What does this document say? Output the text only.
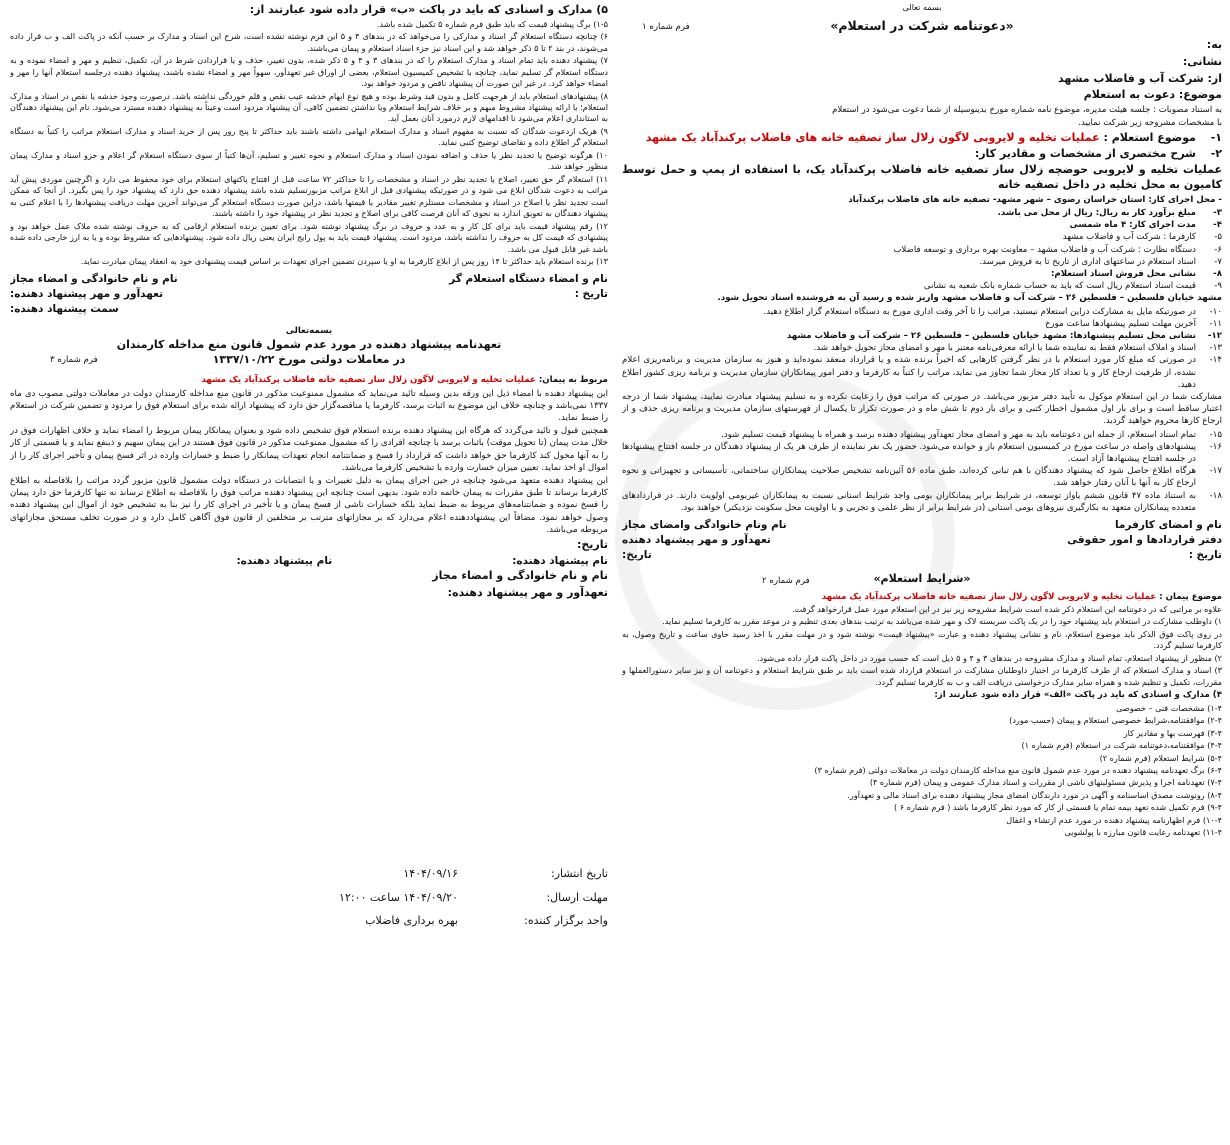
بسمه تعالی
«دعوتنامه شرکت در استعلام»
فرم شماره ۱

به:

نشانی:

از: شرکت آب و فاضلاب مشهد

موضوع: دعوت به استعلام

به استناد مصوبات : جلسه هیئت مدیره، موضوع نامه شماره مورخ بدینوسیله از شما دعوت می‌شود در استعلام

با مشخصات مشروحه زیر شرکت نمایید.

۱-
موضوع استعلام : عملیات تخلیه و لایروبی لاگون زلال ساز تصفیه خانه های فاضلاب پرکندآباد یک مشهد
۲-
شرح مختصری از مشخصات و مقادیر کار:

عملیات تخلیه و لایروبی حوضچه زلال ساز تصفیه خانه فاضلاب پرکندآباد یک، با استفاده از پمپ و حمل توسط کامیون به محل تخلیه در داخل تصفیه خانه

- محل اجرای کار: استان خراسان رضوی – شهر مشهد- تصفیه خانه های فاضلاب پرکندآباد

۳-
مبلغ برآورد کار به ریال: ریال از محل می باشد.
۴-
مدت اجرای کار: ۴ ماه شمسی
۵-
کارفرما : شرکت آب و فاضلاب مشهد
۶-
دستگاه نظارت : شرکت آب و فاضلاب مشهد – معاونت بهره برداری و توسعه فاضلاب
۷-
اسناد استعلام در ساعتهای اداری از تاریخ تا به فروش میرسد.
۸-
نشانی محل فروش اسناد استعلام:
۹-
قیمت اسناد استعلام ریال است که باید به حساب شماره بانک شعبه به نشانی

مشهد خیابان فلسطین – فلسطین ۲۶ – شرکت آب و فاضلاب مشهد واریز شده و رسید آن به فروشنده اسناد تحویل شود.

۱۰-
در صورتیکه مایل به مشارکت دراین استعلام نیستید، مراتب را تا آخر وقت اداری مورخ به دستگاه استعلام گزار اطلاع دهید.
۱۱-
آخرین مهلت تسلیم پیشنهادها ساعت مورخ
۱۲-
نشانی محل تسلیم پیشنهادها: مشهد خیابان فلسطین – فلسطین ۲۶ – شرکت آب و فاضلاب مشهد
۱۳-
اسناد و املاک استعلام فقط به نماینده شما با ارائه معرفی‌نامه معتبر با مهر و امضای مجاز تحویل خواهد شد.
۱۴-
در صورتی که مبلغ کار مورد استعلام با در نظر گرفتن کارهایی که اخیراً برنده شده و یا قرارداد منعقد نموده‌اید و هنوز به سازمان مدیریت و برنامه‌ریزی اعلام نشده، از ظرفیت ارجاع کار و یا تعداد کار مجاز شما تجاوز می نماید، مراتب را کتباً به کارفرما و دفتر امور پیمانکاران سازمان مدیریت و برنامه ریزی کشور اطلاع دهید.

مشارکت شما در این استعلام موکول به تأیید دفتر مزبور می‌باشد. در صورتی که مراتب فوق را رعایت نکرده و به تسلیم پیشنهاد مبادرت نمایید، پیشنهاد شما از درجه اعتبار ساقط است و برای بار اول مشمول اخطار کتبی و برای بار دوم تا شش ماه و در صورت تکرار تا یکسال از فهرستهای سازمان مدیریت و برنامه ریزی حذف و از ارجاع کارها محروم خواهید گردید.

۱۵-
تمام اسناد استعلام، از جمله این دعوتنامه باید به مهر و امضای مجاز تعهدآور پیشنهاد دهنده برسد و همراه با پیشنهاد قیمت تسلیم شود.
۱۶-
پیشنهادهای واصله در ساعت مورخ در کمیسیون استعلام باز و خوانده می‌شود. حضور یک نفر نماینده از طرف هر یک از پیشنهاد دهندگان در جلسه افتتاح پیشنهادها در جلسه افتتاح پیشنهادها آزاد است.
۱۷-
هرگاه اطلاع حاصل شود که پیشنهاد دهندگان با هم تبانی کرده‌اند، طبق ماده ۵۶ آئین‌نامه تشخیص صلاحیت پیمانکاران ساختمانی، تأسیساتی و تجهیزاتی و نحوه ارجاع کار به آنها با آنان رفتار خواهد شد.
۱۸-
به استناد ماده ۴۷ قانون ششم یاواز توسعه، در شرایط برابر پیمانکاران بومی واجد شرایط استانی نسبت به پیمانکاران غیربومی اولویت دارند. در قراردادهای متعدده پیمانکاران متعهد به بکارگیری نیروهای بومی استانی (در شرایط برابر از نظر علمی و تجربی و با اولویت محل سکونت نزدیکتر) خواهند بود.
نام و امضای کارفرما
نام ونام خانوادگی وامضای مجاز
دفتر قراردادها و امور حقوقی
تعهدآور و مهر پیشنهاد دهنده
تاریخ :
تاریخ:
«شرایط استعلام»
فرم شماره ۲

موضوع پیمان : عملیات تخلیه و لایروبی لاگون زلال ساز تصفیه خانه فاضلاب پرکندآباد یک مشهد

علاوه بر مراتبی که در دعوتنامه این استعلام ذکر شده است شرایط مشروحه زیر نیز در این استعلام مورد عمل قرارخواهد گرفت.

۱) داوطلب مشارکت در استعلام باید پیشنهاد خود را در یک پاکت سربسته لاک و مهر شده می‌باشد به ترتیب بندهای بعدی تنظیم و در موعد مقرر به کارفرما تسلیم نماید.

در روی پاکت فوق الذکر باید موضوع استعلام، نام و نشانی پیشنهاد دهنده و عبارت «پیشنهاد قیمت» نوشته شود و در مهلت مقرر با اخذ رسید حاوی ساعت و تاریخ وصول، به کارفرما تسلیم گردد.

۲) منظور از پیشنهاد استعلام، تمام اسناد و مدارک مشروحه در بندهای ۳ و ۴ و ۵ ذیل است که حسب مورد در داخل پاکت قرار داده می‌شود.

۳) اسناد و مدارک استعلام که از طرف کارفرما در اختیار داوطلبان مشارکت در استعلام قرارداد شده است باید بر طبق شرایط استعلام و دعوتنامه آن و نیز سایر دستورالعملها و مقررات، تکمیل و تنظیم شده و همراه سایر مدارک درخواستی دریافت الف و ب به کارفرما تسلیم گردد.

۴) مدارک و اسنادی که باید در پاکت «الف» قرار داده شود عبارتند از:

۱-۴) مشخصات فنی – خصوصی

۲-۴) موافقتنامه،شرایط خصوصی استعلام و پیمان (حسب مورد)

۳-۴) فهرست بها و مقادیر کار

۴-۴) موافقتنامه،دعوتنامه شرکت در استعلام (فرم شماره ۱)

۵-۴) شرایط استعلام (فرم شماره ۲)

۶-۴) برگ تعهدنامه پیشنهاد دهنده در مورد عدم شمول قانون منع مداخله کارمندان دولت در معاملات دولتی (فرم شماره ۳)

۷-۴) تعهدنامه اجرا و پذیرش مسئولیتهای ناشی از مقررات و اسناد مدارک عمومی و پیمان (فرم شماره ۴)

۸-۴) رونوشت مصدق اساسنامه و آگهی در مورد دارندگان امضای مجاز پیشنهاد دهنده برای اسناد مالی و تعهدآور.

۹-۴) فرم تکمیل شده تعهد بیمه تمام یا قسمتی از کار که مورد نظر کارفرما باشد ( فرم شماره ۶ )

۱۰-۴) فرم اظهارنامه پیشنهاد دهنده در مورد عدم ارتشاء و اغفال

۱۱-۴) تعهدنامه رعایت قانون مبارزه با پولشویی

۵) مدارک و اسنادی که باید در پاکت «ب» قرار داده شود عبارتند از:

۱-۵) برگ پیشنهاد قیمت که باید طبق فرم شماره ۵ تکمیل شده باشد.

۶) چنانچه دستگاه استعلام گر اسناد و مدارکی را می‌خواهد که در بندهای ۴ و ۵ این فرم نوشته نشده است، شرح این اسناد و مدارک بر حسب آنکه در پاکت الف و ب قرار داده می‌شوند، در بند ۲ تا ۵ ذکر خواهد شد و این اسناد نیز جزء اسناد استعلام و پیمان می‌باشند.

۷) پیشنهاد دهنده باید تمام اسناد و مدارک استعلام را که در بندهای ۳ و ۴ و ۵ ذکر شده، بدون تغییر، حذف و یا قراردادن شرط در آن، تکمیل، تنظیم و مهر و امضاء نموده و به دستگاه استعلام گر تسلیم نماید، چنانچه با تشخیص کمیسیون استعلام، بعضی از اوراق غیر تعهدآور، سهواً مهر و امضاء نشده باشند، پیشنهاد دهنده درجلسه استعلام آنها را مهر و امضاء خواهد کرد. در غیر این صورت آن پیشنهاد ناقص و مردود خواهد بود.

۸) پیشنهادهای استعلام باید از هرجهت کامل و بدون قید وشرط بوده و هیچ نوع ابهام خدشه عیب نقص و قلم خوردگی نداشته باشد. درصورت وجود خدشه یا نقص در اسناد و مدارک استعلام؛ یا ارائه پیشنهاد مشروط مبهم و بر خلاف شرایط استعلام ویا نداشتن تضمین کافی، آن پیشنهاد مردود است وعیناً به پیشنهاد دهنده مسترد می‌شود. نام این پیشنهاد دهندگان به استانداری اعلام می‌شود تا اقدامهای لازم درمورد آنان بعمل آید.

۹) هریک ازدعوت شدگان که نسبت به مفهوم اسناد و مدارک استعلام ابهامی داشته باشند باید حداکثر تا پنج روز پس از خرید اسناد و مدارک استعلام مراتب را کتباً به دستگاه استعلام گر اطلاع داده و تقاضای توضیح کتبی نماید.

۱۰) هرگونه توضیح یا تجدید نظر یا حذف و اضافه نمودن اسناد و مدارک استعلام و نحوه تغییر و تسلیم، آن‌ها کتباً از سوی دستگاه استعلام گر اعلام و جزو اسناد و مدارک پیمان منظور خواهد شد.

۱۱) استعلام گر حق تغییر، اصلاح یا تجدید نظر در اسناد و مشخصات را تا حداکثر ۷۲ ساعت قبل از افتتاح پاکتهای استعلام برای خود محفوظ می دارد و اگرچنین موردی پیش آید مراتب به دعوت شدگان ابلاغ می شود و در صورتیکه پیشنهادی قبل از ابلاغ مراتب مزبورتسلیم شده باشد پیشنهاد دهنده حق دارد که پیشنهاد خود را پس بگیرد. از آنجا که ممکن است تجدید نظر یا اصلاح در اسناد و مشخصات مستلزم تغییر مقادیر یا قیمتها باشد، دراین صورت دستگاه استعلام گر می‌تواند آخرین مهلت دریافت پیشنهادها را با اعلام کتبی به پیشنهاد دهندگان به تعویق اندازد به نحوی که آنان فرصت کافی برای اصلاح و تجدید نظر در پیشنهاد خود را داشته باشند.

۱۲) رقم پیشنهاد قیمت باید برای کل کار و به عدد و حروف در برگ پیشنهاد نوشته شود. برای تعیین برنده استعلام ارقامی که به حروف نوشته شده ملاک عمل خواهد بود و پیشنهادی که قیمت کل به حروف را نداشته باشد، مردود است. پیشنهاد قیمت باید به پول رایج ایران یعنی ریال داده شود. پیشنهادهایی که مشروط بوده و یا به ارز خارجی داده شده باشد غیر قابل قبول می باشد.

۱۳) برنده استعلام باید حداکثر تا ۱۴ روز پس از ابلاغ کارفرما به او یا سپردن تضمین اجرای تعهدات بر اساس قیمت پیشنهادی خود به انعقاد پیمان مبادرت نماید.

نام و امضاء دستگاه استعلام گر
نام و نام خانوادگی و امضاء مجاز
تاریخ :
تعهدآور و مهر پیشنهاد دهنده:
سمت پیشنهاد دهنده:
بسمه‌تعالی
تعهدنامه پیشنهاد دهنده در مورد عدم شمول قانون منع مداخله کارمندان
در معاملات دولتی مورخ ۱۳۳۷/۱۰/۲۲
فرم شماره ۳

مربوط به پیمان: عملیات تخلیه و لایروبی لاگون زلال ساز تصفیه خانه فاضلاب پرکندآباد یک مشهد

این پیشنهاد دهنده با امضاء ذیل این ورقه بدین وسیله تائید می‌نماید که مشمول ممنوعیت مذکور در قانون منع مداخله کارمندان دولت در معاملات دولتی مصوب دی ماه ۱۳۳۷ نمی‌باشد و چنانچه خلاف این موضوع به اثبات برسد، کارفرما یا مناقصه‌گزار حق دارد که پیشنهاد ارائه شده برای استعلام فوق را مردود و تضمین شرکت در استعلام را ضبط نماید.

همچنین قبول و تائید می‌گردد که هرگاه این پیشنهاد دهنده برنده استعلام فوق تشخیص داده شود و بعنوان پیمانکار پیمان مربوط را امضاء نماید و خلاف اظهارات فوق در خلال مدت پیمان (تا تحویل موقت) باثبات برسد یا چنانچه افرادی را که مشمول ممنوعیت مذکور در قانون فوق هستند در این پیمان سهیم و ذینفع نماید و یا قسمتی از کار را به آنها محول کند کارفرما حق خواهد داشت که قرارداد را فسخ و ضمانتنامه انجام تعهدات پیمانکار را ضبط و خسارات وارده در اثر فسخ پیمان و تأخیر اجرای کار را از اموال او اخذ نماید. تعیین میزان خسارت وارده با تشخیص کارفرما می‌باشد.

این پیشنهاد دهنده متعهد می‌شود چنانچه در حین اجرای پیمان به دلیل تغییرات و یا انتصابات در دستگاه دولت مشمول قانون مزبور گردد مراتب را بلافاصله به اطلاع کارفرما برساند تا طبق مقررات به پیمان خاتمه داده شود. بدیهی است چنانچه این پیشنهاد دهنده مراتب فوق را بلافاصله به اطلاع نرساند نه تنها کارفرما حق دارد پیمان را فسخ نموده و ضمانتنامه‌های مربوط به ضبط نماید بلکه خسارات ناشی از فسخ پیمان و یا تأخیر در اجرای کار را نیز بنا به تشخیص خود از اموال این پیشنهاد دهنده وصول خواهد نمود. مضافاً این پیشنهاددهنده اعلام می‌دارد که بر مجازاتهای مترتب بر متخلفین از قانون فوق آگاهی کامل دارد و در صورت تخلف مستحق مجازاتهای مربوطه می‌باشد.

تاریخ:

نام پیشنهاد دهنده:
نام پیشنهاد دهنده:

نام و نام خانوادگی و امضاء مجاز

تعهدآور و مهر پیشنهاد دهنده:

تاریخ انتشار:
۱۴۰۴/۰۹/۱۶
مهلت ارسال:
۱۴۰۴/۰۹/۲۰ ساعت ۱۲:۰۰
واحد برگزار کننده:
بهره برداری فاضلاب
